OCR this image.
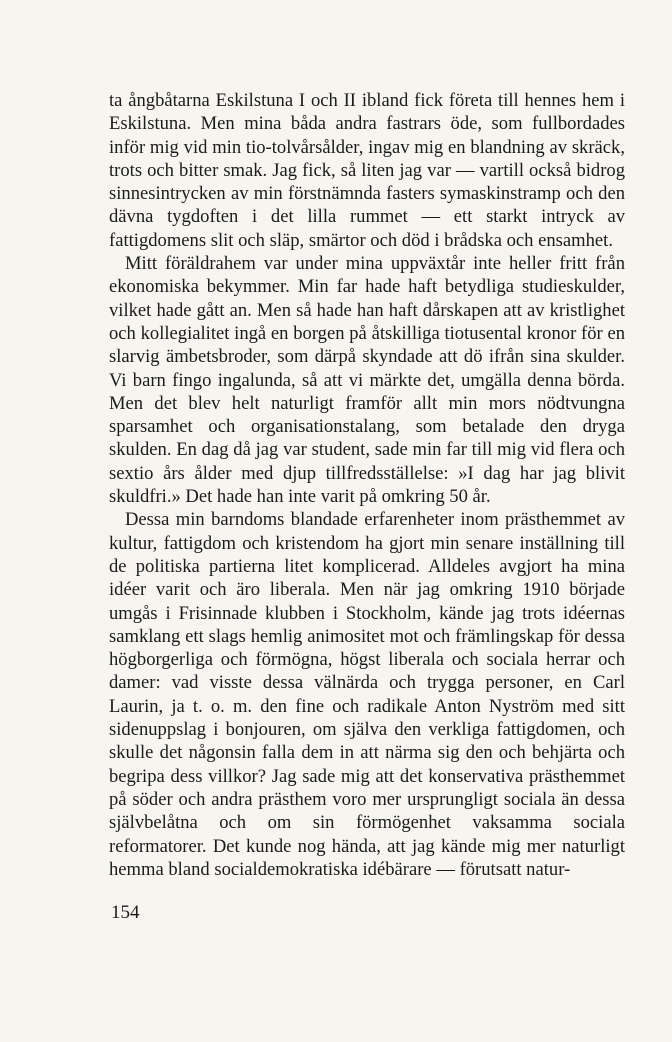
ta ångbåtarna Eskilstuna I och II ibland fick företa till hennes hem i Eskilstuna. Men mina båda andra fastrars öde, som fullbordades inför mig vid min tio-tolvårsålder, ingav mig en blandning av skräck, trots och bitter smak. Jag fick, så liten jag var — vartill också bidrog sinnesintrycken av min förstnämnda fasters symaskinstramp och den dävna tygdoften i det lilla rummet — ett starkt intryck av fattigdomens slit och släp, smärtor och död i brådska och ensamhet.

Mitt föräldrahem var under mina uppväxtår inte heller fritt från ekonomiska bekymmer. Min far hade haft betydliga studieskulder, vilket hade gått an. Men så hade han haft dårskapen att av kristlighet och kollegialitet ingå en borgen på åtskilliga tiotusental kronor för en slarvig ämbetsbroder, som därpå skyndade att dö ifrån sina skulder. Vi barn fingo ingalunda, så att vi märkte det, umgälla denna börda. Men det blev helt naturligt framför allt min mors nödtvungna sparsamhet och organisationstalang, som betalade den dryga skulden. En dag då jag var student, sade min far till mig vid flera och sextio års ålder med djup tillfredsställelse: »I dag har jag blivit skuldfri.» Det hade han inte varit på omkring 50 år.

Dessa min barndoms blandade erfarenheter inom prästhemmet av kultur, fattigdom och kristendom ha gjort min senare inställning till de politiska partierna litet komplicerad. Alldeles avgjort ha mina idéer varit och äro liberala. Men när jag omkring 1910 började umgås i Frisinnade klubben i Stockholm, kände jag trots idéernas samklang ett slags hemlig animositet mot och främlingskap för dessa högborgerliga och förmögna, högst liberala och sociala herrar och damer: vad visste dessa välnärda och trygga personer, en Carl Laurin, ja t. o. m. den fine och radikale Anton Nyström med sitt sidenuppslag i bonjouren, om själva den verkliga fattigdomen, och skulle det någonsin falla dem in att närma sig den och behjärta och begripa dess villkor? Jag sade mig att det konservativa prästhemmet på söder och andra prästhem voro mer ursprungligt sociala än dessa självbelåtna och om sin förmögenhet vaksamma sociala reformatorer. Det kunde nog hända, att jag kände mig mer naturligt hemma bland socialdemokratiska idébärare — förutsatt natur-

154
